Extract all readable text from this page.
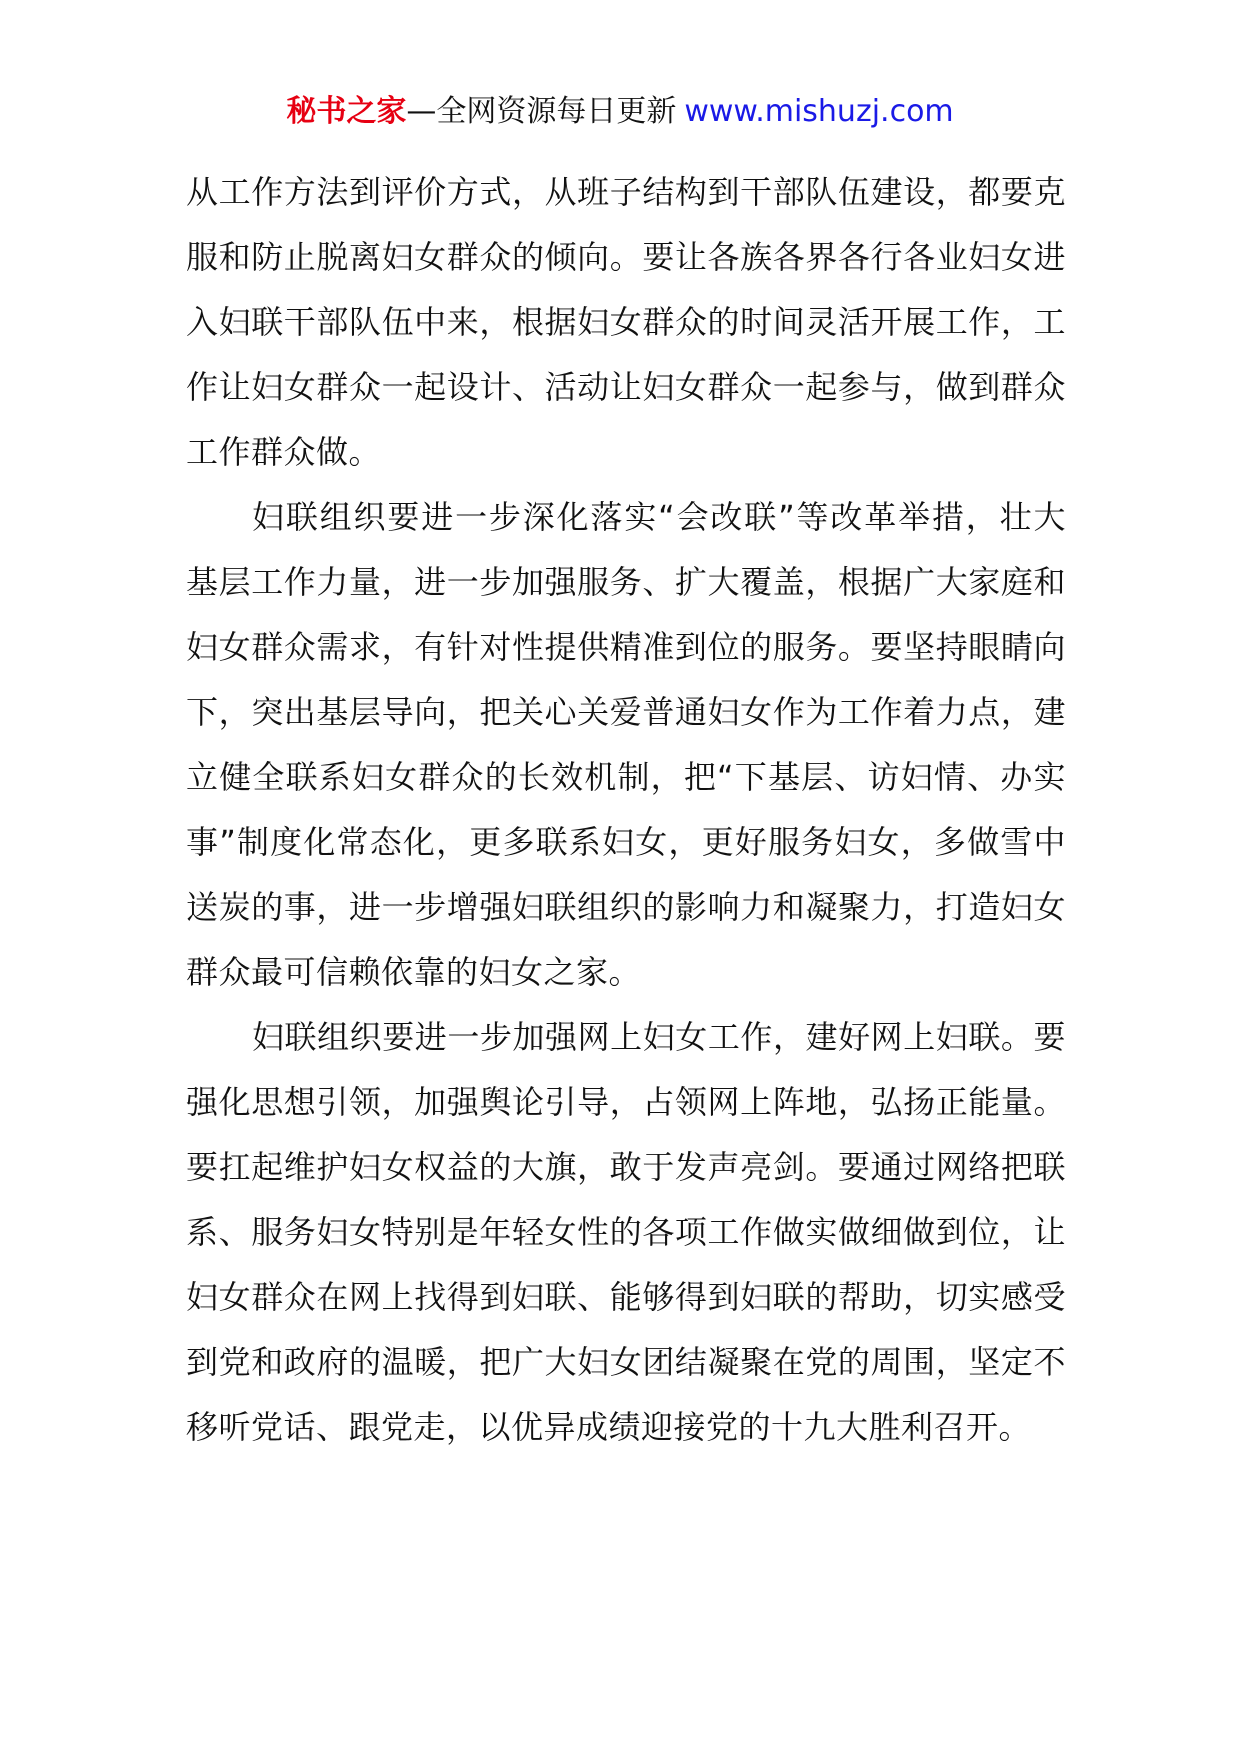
秘书之家—全网资源每日更新 www.mishuzj.com

从工作方法到评价方式，从班子结构到干部队伍建设，都要克服和防止脱离妇女群众的倾向。要让各族各界各行各业妇女进入妇联干部队伍中来，根据妇女群众的时间灵活开展工作，工作让妇女群众一起设计、活动让妇女群众一起参与，做到群众工作群众做。

妇联组织要进一步深化落实“会改联”等改革举措，壮大基层工作力量，进一步加强服务、扩大覆盖，根据广大家庭和妇女群众需求，有针对性提供精准到位的服务。要坚持眼睛向下，突出基层导向，把关心关爱普通妇女作为工作着力点，建立健全联系妇女群众的长效机制，把“下基层、访妇情、办实事”制度化常态化，更多联系妇女，更好服务妇女，多做雪中送炭的事，进一步增强妇联组织的影响力和凝聚力，打造妇女群众最可信赖依靠的妇女之家。

妇联组织要进一步加强网上妇女工作，建好网上妇联。要强化思想引领，加强舆论引导，占领网上阵地，弘扬正能量。要扛起维护妇女权益的大旗，敢于发声亮剑。要通过网络把联系、服务妇女特别是年轻女性的各项工作做实做细做到位，让妇女群众在网上找得到妇联、能够得到妇联的帮助，切实感受到党和政府的温暖，把广大妇女团结凝聚在党的周围，坚定不移听党话、跟党走，以优异成绩迎接党的十九大胜利召开。
